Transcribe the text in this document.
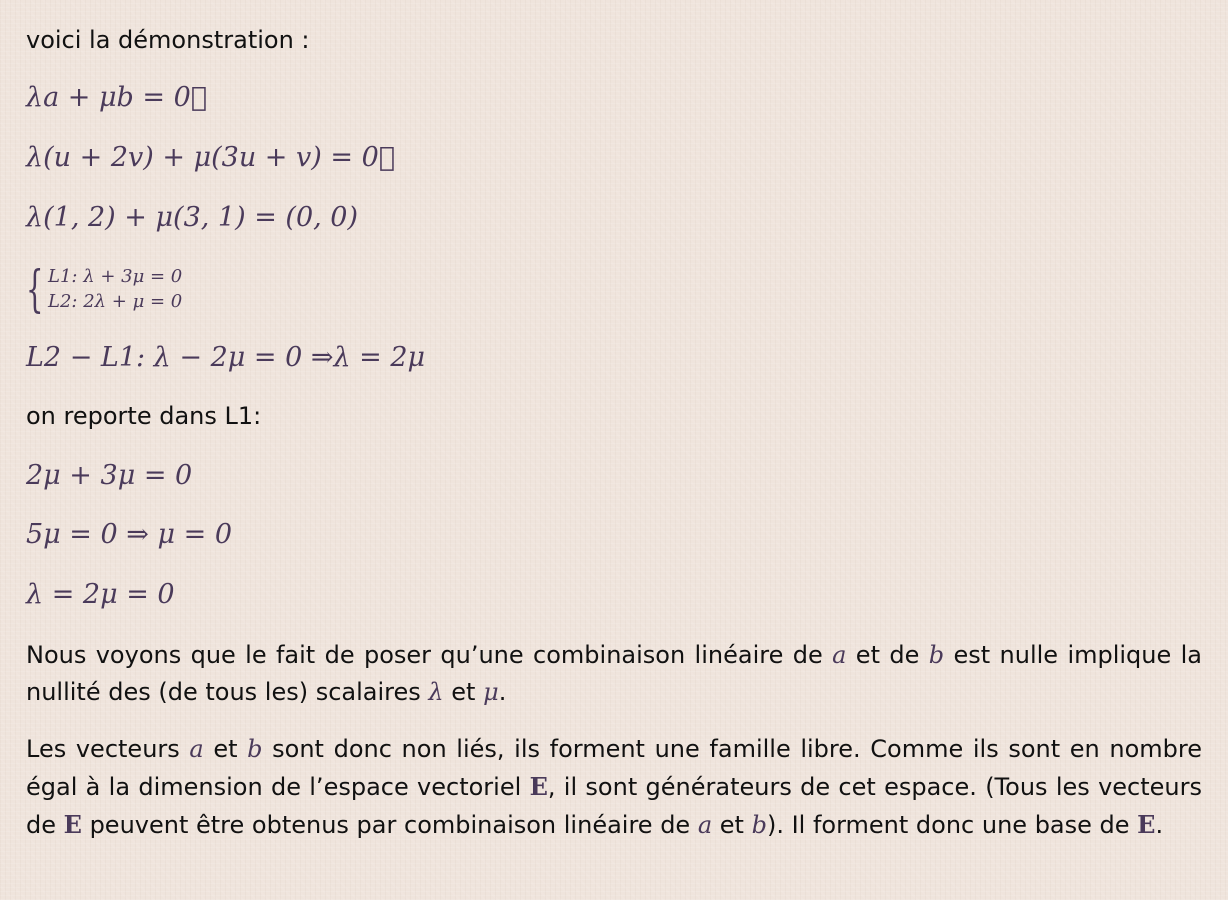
voici la démonstration :
λa + μb = 0⃗
λ(u + 2v) + μ(3u + v) = 0⃗
λ(1, 2) + μ(3, 1) = (0, 0)
{ L1: λ + 3μ = 0
L2: 2λ + μ = 0
L2 − L1: λ − 2μ = 0 ⇒λ = 2μ
on reporte dans L1:
2μ + 3μ = 0
5μ = 0 ⇒ μ = 0
λ = 2μ = 0
Nous voyons que le fait de poser qu’une combinaison linéaire de a et de b est nulle implique la nullité des (de tous les) scalaires λ et μ.
Les vecteurs a et b sont donc non liés, ils forment une famille libre. Comme ils sont en nombre égal à la dimension de l’espace vectoriel E, il sont générateurs de cet espace. (Tous les vecteurs de E peuvent être obtenus par combinaison linéaire de a et b). Il forment donc une base de E.
